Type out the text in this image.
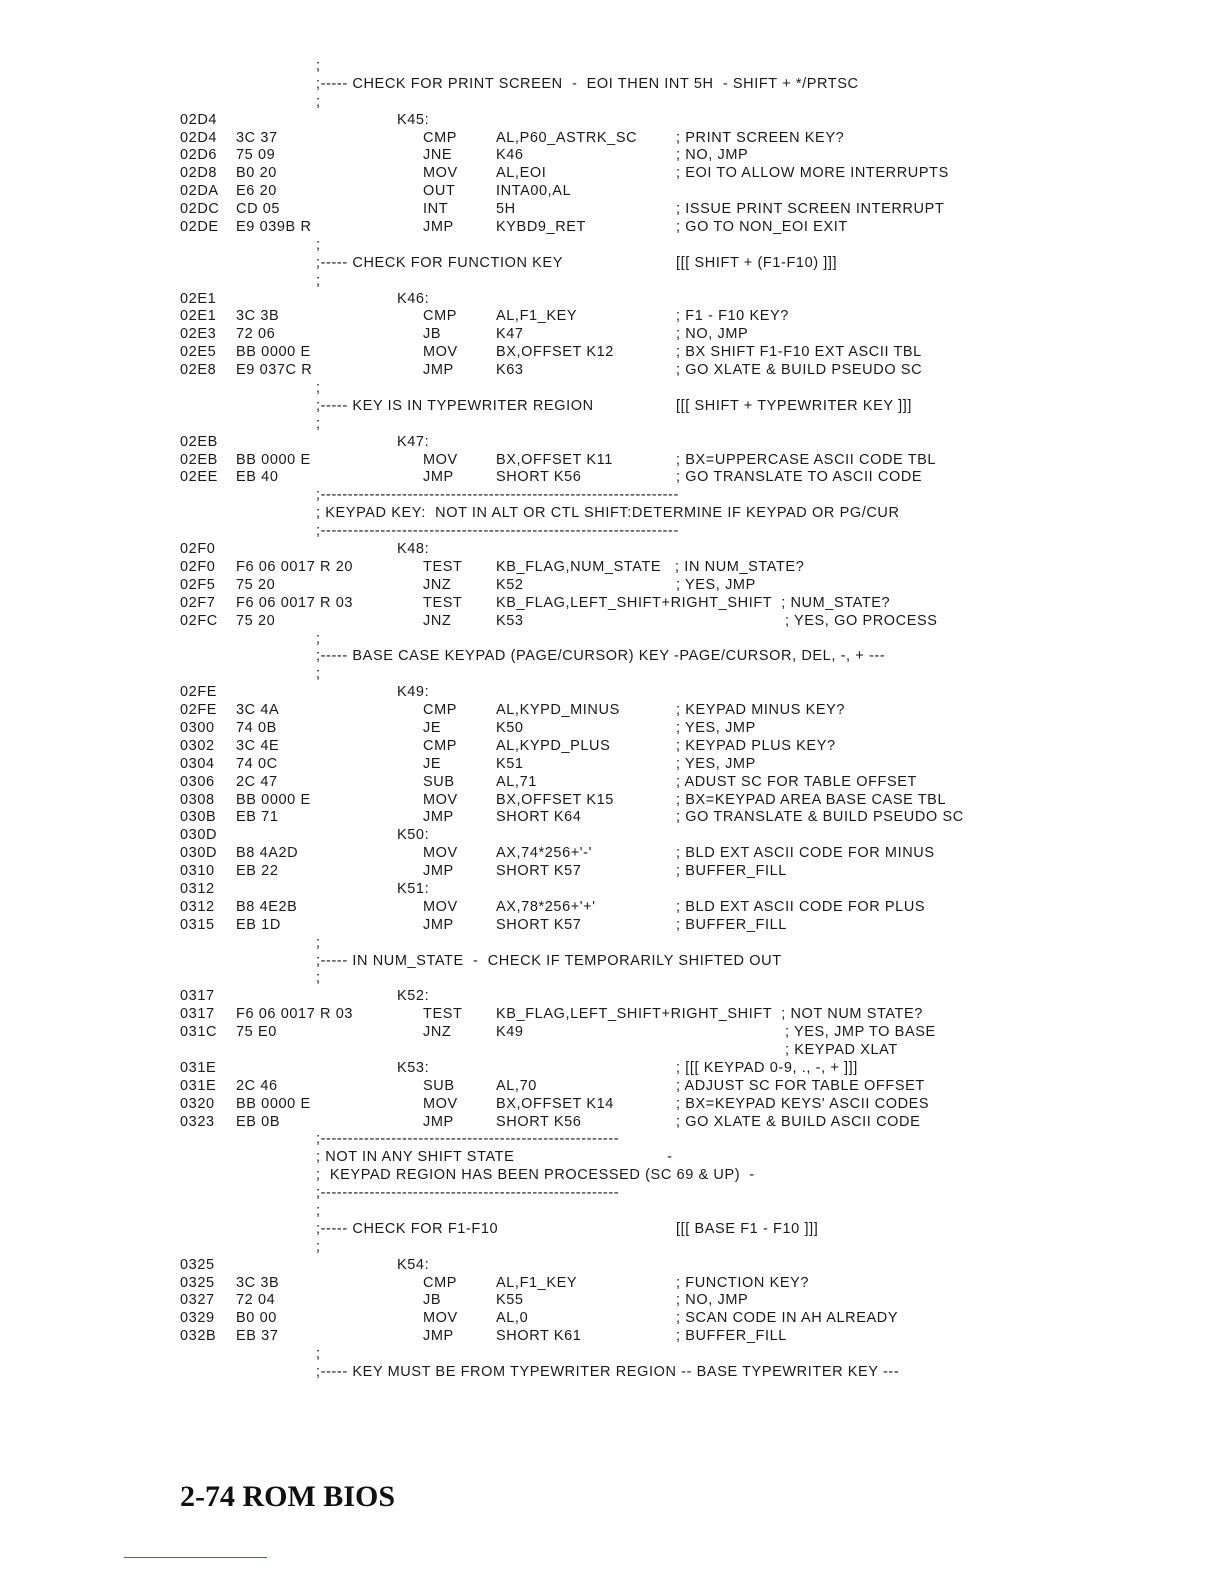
;
;----- CHECK FOR PRINT SCREEN  -  EOI THEN INT 5H  - SHIFT + */PRTSC
;
02D4	K45:
02D4 3C 37	CMP	AL,P60_ASTRK_SC	; PRINT SCREEN KEY?
02D6 75 09	JNE	K46	; NO, JMP
02D8 B0 20	MOV	AL,EOI	; EOI TO ALLOW MORE INTERRUPTS
02DA E6 20	OUT	INTA00,AL
02DC CD 05	INT	5H	; ISSUE PRINT SCREEN INTERRUPT
02DE E9 039B R	JMP	KYBD9_RET	; GO TO NON_EOI EXIT
;
[[[ SHIFT + (F1-F10) ]]]
;----- CHECK FOR FUNCTION KEY
;
02E1	K46:
02E1 3C 3B	CMP	AL,F1_KEY	; F1 - F10 KEY?
02E3 72 06	JB	K47	; NO, JMP
02E5 BB 0000 E	MOV	BX,OFFSET K12	; BX SHIFT F1-F10 EXT ASCII TBL
02E8 E9 037C R	JMP	K63	; GO XLATE & BUILD PSEUDO SC
;
[[[ SHIFT + TYPEWRITER KEY ]]]
;----- KEY IS IN TYPEWRITER REGION
;
02EB	K47:
02EB BB 0000 E	MOV	BX,OFFSET K11	; BX=UPPERCASE ASCII CODE TBL
02EE EB 40	JMP	SHORT K56	; GO TRANSLATE TO ASCII CODE
;------------------------------------------------------------------
; KEYPAD KEY:  NOT IN ALT OR CTL SHIFT:DETERMINE IF KEYPAD OR PG/CUR
;------------------------------------------------------------------
02F0	K48:
02F0 F6 06 0017 R 20	TEST KB_FLAG,NUM_STATE   ; IN NUM_STATE?
02F5 75 20	JNZ	K52	; YES, JMP
02F7 F6 06 0017 R 03	TEST KB_FLAG,LEFT_SHIFT+RIGHT_SHIFT  ; NUM_STATE?
02FC 75 20	JNZ	K53	; YES, GO PROCESS
;
;----- BASE CASE KEYPAD (PAGE/CURSOR) KEY -PAGE/CURSOR, DEL, -, + ---
;
02FE	K49:
02FE 3C 4A	CMP	AL,KYPD_MINUS	; KEYPAD MINUS KEY?
0300 74 0B	JE	K50	; YES, JMP
0302 3C 4E	CMP	AL,KYPD_PLUS	; KEYPAD PLUS KEY?
0304 74 0C	JE	K51	; YES, JMP
0306 2C 47	SUB	AL,71	; ADUST SC FOR TABLE OFFSET
0308 BB 0000 E	MOV	BX,OFFSET K15	; BX=KEYPAD AREA BASE CASE TBL
030B EB 71	JMP	SHORT K64	; GO TRANSLATE & BUILD PSEUDO SC
030D	K50:
030D B8 4A2D	MOV	AX,74*256+'-'	; BLD EXT ASCII CODE FOR MINUS
0310 EB 22	JMP	SHORT K57	; BUFFER_FILL
0312	K51:
0312 B8 4E2B	MOV	AX,78*256+'+'	; BLD EXT ASCII CODE FOR PLUS
0315 EB 1D	JMP	SHORT K57	; BUFFER_FILL
;
;----- IN NUM_STATE  -  CHECK IF TEMPORARILY SHIFTED OUT
;
0317	K52:
0317 F6 06 0017 R 03	TEST KB_FLAG,LEFT_SHIFT+RIGHT_SHIFT  ; NOT NUM STATE?
031C 75 E0	JNZ	K49	; YES, JMP TO BASE
; KEYPAD XLAT
031E	K53:	; [[[ KEYPAD 0-9, ., -, + ]]]
031E 2C 46	SUB	AL,70	; ADJUST SC FOR TABLE OFFSET
0320 BB 0000 E	MOV	BX,OFFSET K14	; BX=KEYPAD KEYS' ASCII CODES
0323 EB 0B	JMP	SHORT K56	; GO XLATE & BUILD ASCII CODE
;-------------------------------------------------------
; NOT IN ANY SHIFT STATE                                 -
;  KEYPAD REGION HAS BEEN PROCESSED (SC 69 & UP)  -
;-------------------------------------------------------
;
[[[ BASE F1 - F10 ]]]
;----- CHECK FOR F1-F10
;
0325	K54:
0325 3C 3B	CMP	AL,F1_KEY	; FUNCTION KEY?
0327 72 04	JB	K55	; NO, JMP
0329 B0 00	MOV	AL,0	; SCAN CODE IN AH ALREADY
032B EB 37	JMP	SHORT K61	; BUFFER_FILL
;
;----- KEY MUST BE FROM TYPEWRITER REGION -- BASE TYPEWRITER KEY ---
2-74 ROM BIOS
